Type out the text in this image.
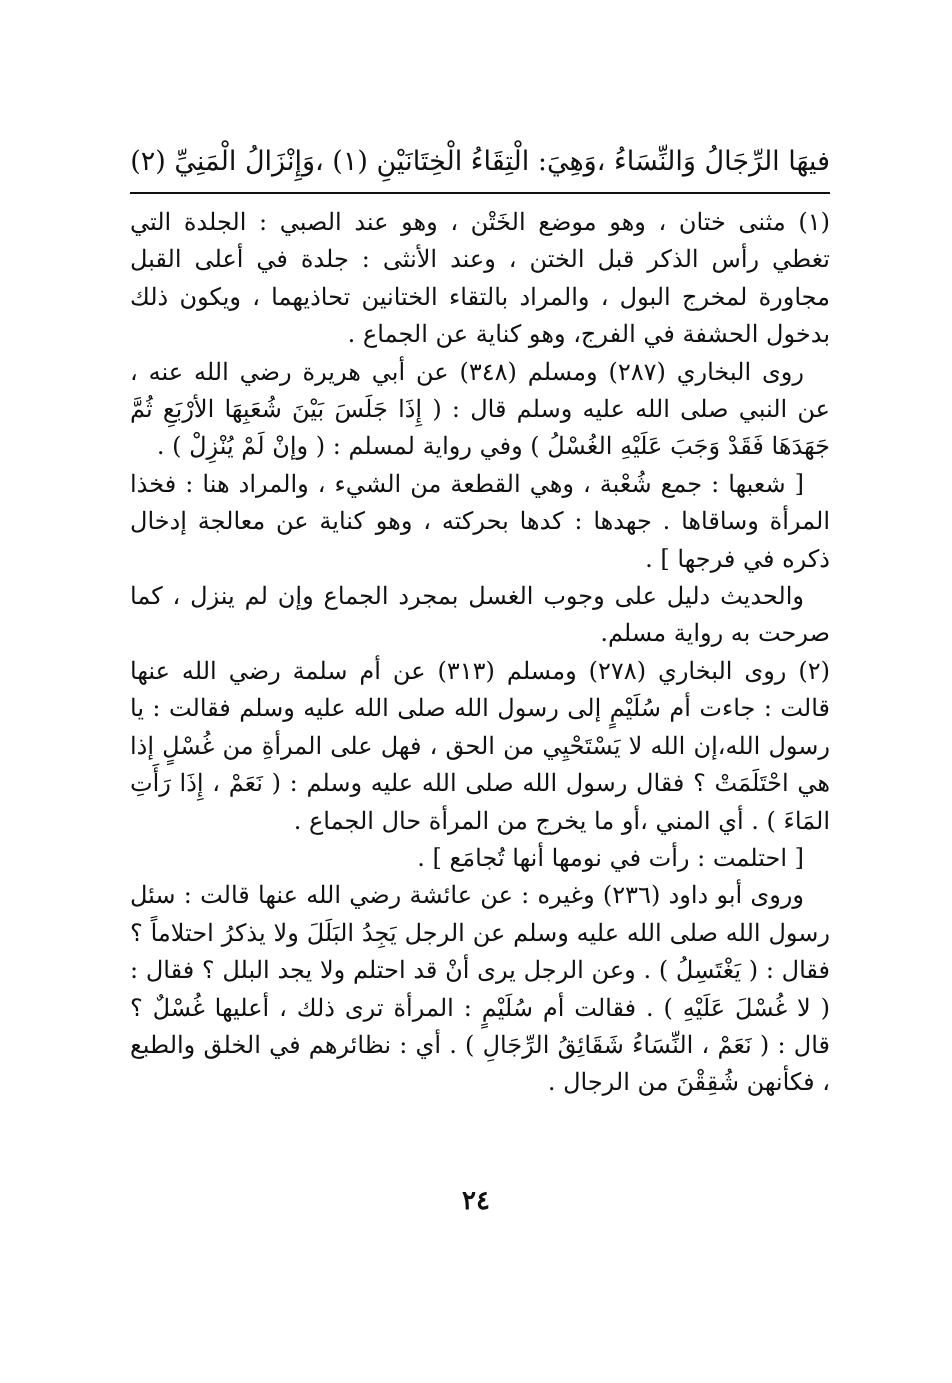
فيهَا الرِّجَالُ وَالنِّسَاءُ ،وَهِيَ: الْتِقَاءُ الْخِتَانَيْنِ (١) ،وَإِنْزَالُ الْمَنِيِّ (٢)

(١) مثنى ختان ، وهو موضع الخَتْن ، وهو عند الصبي : الجلدة التي تغطي رأس الذكر قبل الختن ، وعند الأنثى : جلدة في أعلى القبل مجاورة لمخرج البول ، والمراد بالتقاء الختانين تحاذيهما ، ويكون ذلك بدخول الحشفة في الفرج، وهو كناية عن الجماع .

روى البخاري (٢٨٧) ومسلم (٣٤٨) عن أبي هريرة رضي الله عنه ، عن النبي صلى الله عليه وسلم قال : ( إِذَا جَلَسَ بَيْنَ شُعَبِهَا الأرْبَعِ ثُمَّ جَهَدَهَا فَقَدْ وَجَبَ عَلَيْهِ الغُسْلُ ) وفي رواية لمسلم : ( وإنْ لَمْ يُنْزِلْ ) .

[ شعبها : جمع شُعْبة ، وهي القطعة من الشيء ، والمراد هنا : فخذا المرأة وساقاها . جهدها : كدها بحركته ، وهو كناية عن معالجة إدخال ذكره في فرجها ] .

والحديث دليل على وجوب الغسل بمجرد الجماع وإن لم ينزل ، كما صرحت به رواية مسلم.

(٢) روى البخاري (٢٧٨) ومسلم (٣١٣) عن أم سلمة رضي الله عنها قالت : جاءت أم سُلَيْمٍ إلى رسول الله صلى الله عليه وسلم فقالت : يا رسول الله،إن الله لا يَسْتَحْيِي من الحق ، فهل على المرأةِ من غُسْلٍ إذا هي احْتَلَمَتْ ؟ فقال رسول الله صلى الله عليه وسلم : ( نَعَمْ ، إِذَا رَأَتِ المَاءَ ) . أي المني ،أو ما يخرج من المرأة حال الجماع .

[ احتلمت : رأت في نومها أنها تُجامَع ] .

وروى أبو داود (٢٣٦) وغيره : عن عائشة رضي الله عنها قالت : سئل رسول الله صلى الله عليه وسلم عن الرجل يَجِدُ البَلَلَ ولا يذكرُ احتلاماً ؟ فقال : ( يَغْتَسِلُ ) . وعن الرجل يرى أنْ قد احتلم ولا يجد البلل ؟ فقال : ( لا غُسْلَ عَلَيْهِ ) . فقالت أم سُلَيْمٍ : المرأة ترى ذلك ، أعليها غُسْلٌ ؟ قال : ( نَعَمْ ، النِّسَاءُ شَقَائِقُ الرِّجَالِ ) . أي : نظائرهم في الخلق والطبع ، فكأنهن شُقِقْنَ من الرجال .

٢٤
